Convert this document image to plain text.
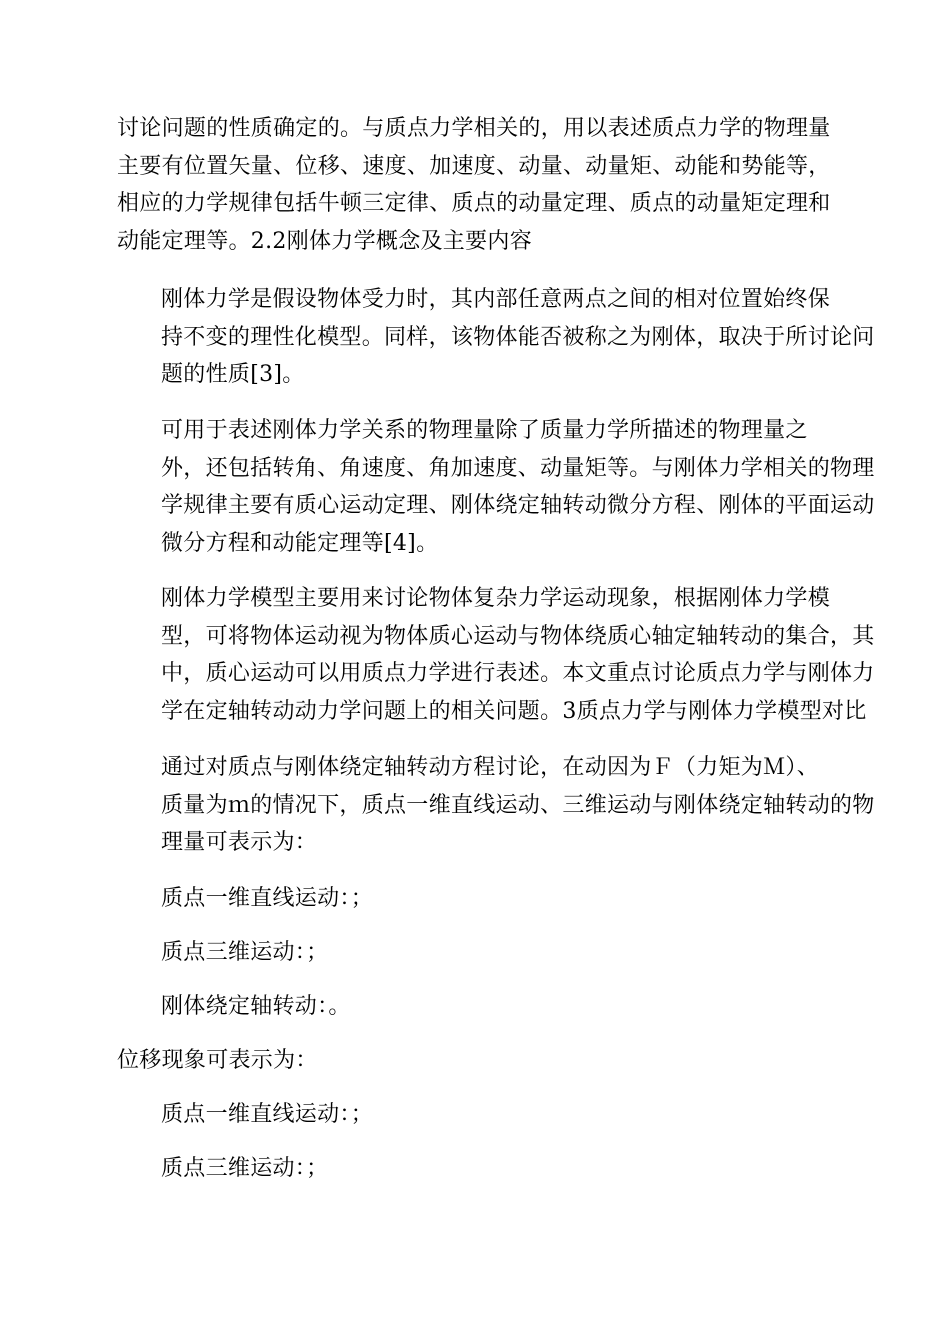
讨论问题的性质确定的。与质点力学相关的，用以表述质点力学的物理量
主要有位置矢量、位移、速度、加速度、动量、动量矩、动能和势能等，
相应的力学规律包括牛顿三定律、质点的动量定理、质点的动量矩定理和
动能定理等。2.2刚体力学概念及主要内容

刚体力学是假设物体受力时，其内部任意两点之间的相对位置始终保
持不变的理性化模型。同样，该物体能否被称之为刚体，取决于所讨论问
题的性质[3]。

可用于表述刚体力学关系的物理量除了质量力学所描述的物理量之
外，还包括转角、角速度、角加速度、动量矩等。与刚体力学相关的物理
学规律主要有质心运动定理、刚体绕定轴转动微分方程、刚体的平面运动
微分方程和动能定理等[4]。

刚体力学模型主要用来讨论物体复杂力学运动现象，根据刚体力学模
型，可将物体运动视为物体质心运动与物体绕质心轴定轴转动的集合，其
中，质心运动可以用质点力学进行表述。本文重点讨论质点力学与刚体力
学在定轴转动动力学问题上的相关问题。3质点力学与刚体力学模型对比

通过对质点与刚体绕定轴转动方程讨论，在动因为Ｆ（力矩为Ｍ）、
质量为ｍ的情况下，质点一维直线运动、三维运动与刚体绕定轴转动的物
理量可表示为：

质点一维直线运动：；

质点三维运动：；

刚体绕定轴转动：。

位移现象可表示为：

质点一维直线运动：；

质点三维运动：；
